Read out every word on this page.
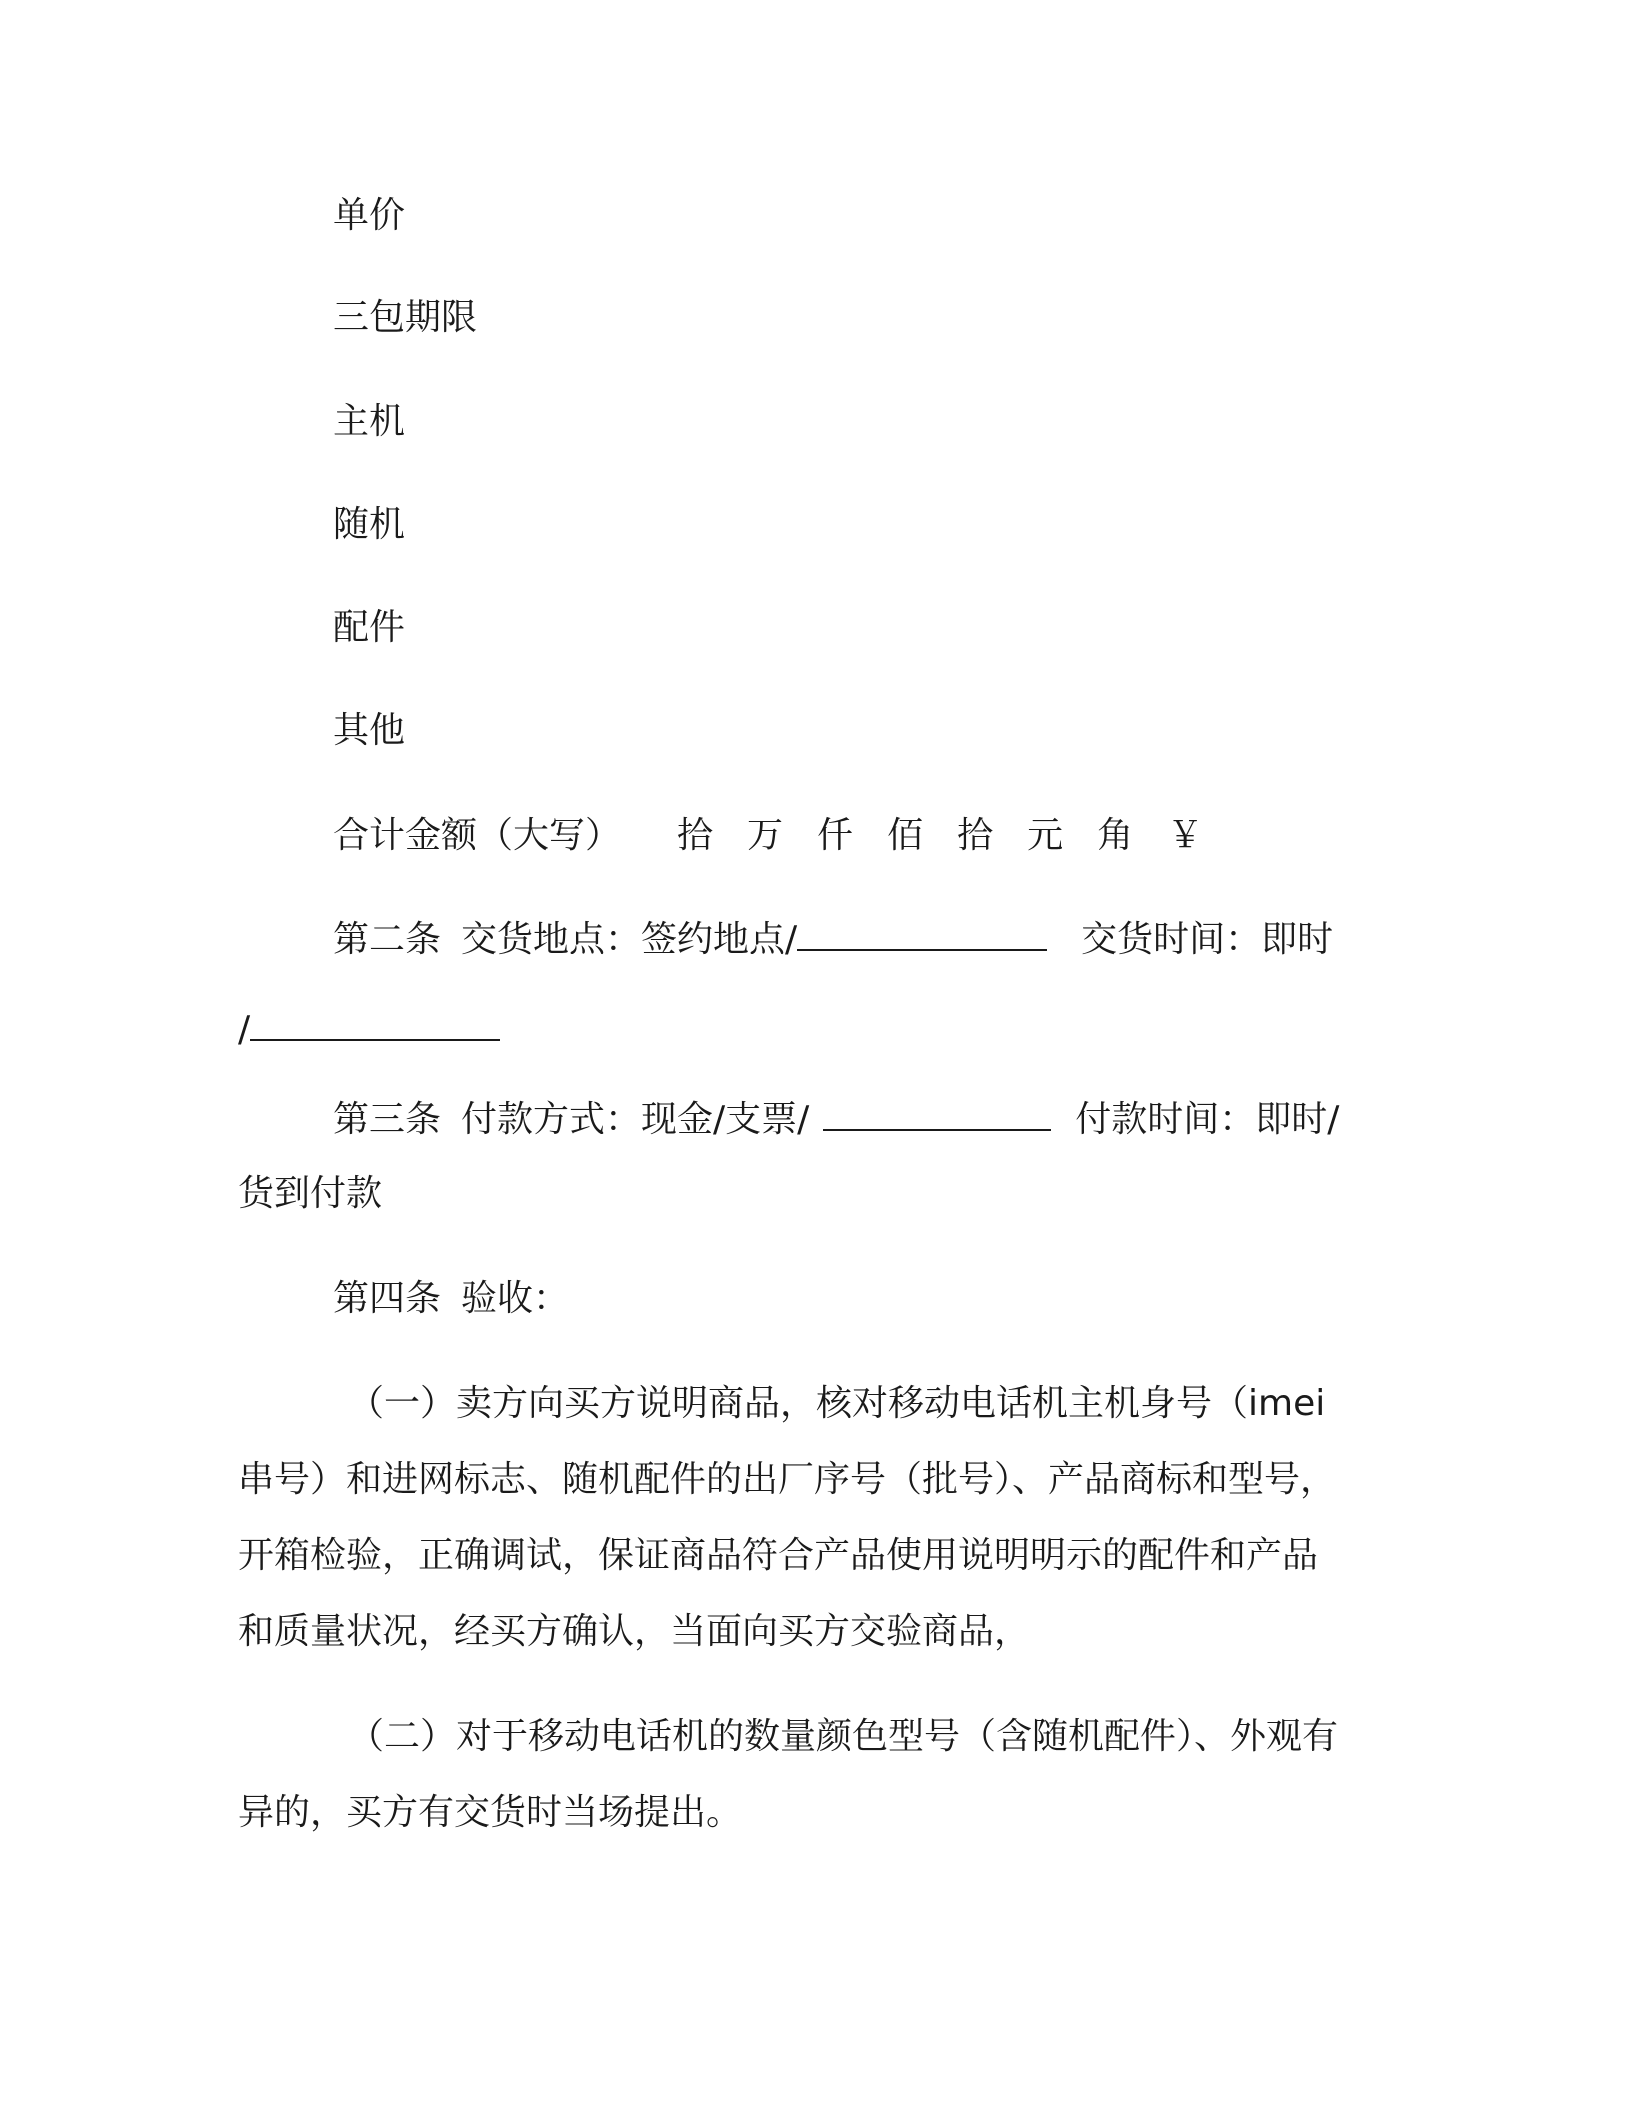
单价
三包期限
主机
随机
配件
其他
合计金额（大写） 拾 万 仟 佰 拾 元 角 ￥
第二条 交货地点：签约地点/	交货时间：即时
/
第三条 付款方式：现金/支票/	付款时间：即时/
货到付款
第四条 验收：
（一）卖方向买方说明商品，核对移动电话机主机身号（imei
串号）和进网标志、随机配件的出厂序号（批号）、产品商标和型号，
开箱检验，正确调试，保证商品符合产品使用说明明示的配件和产品
和质量状况，经买方确认，当面向买方交验商品，
（二）对于移动电话机的数量颜色型号（含随机配件）、外观有
异的，买方有交货时当场提出。
